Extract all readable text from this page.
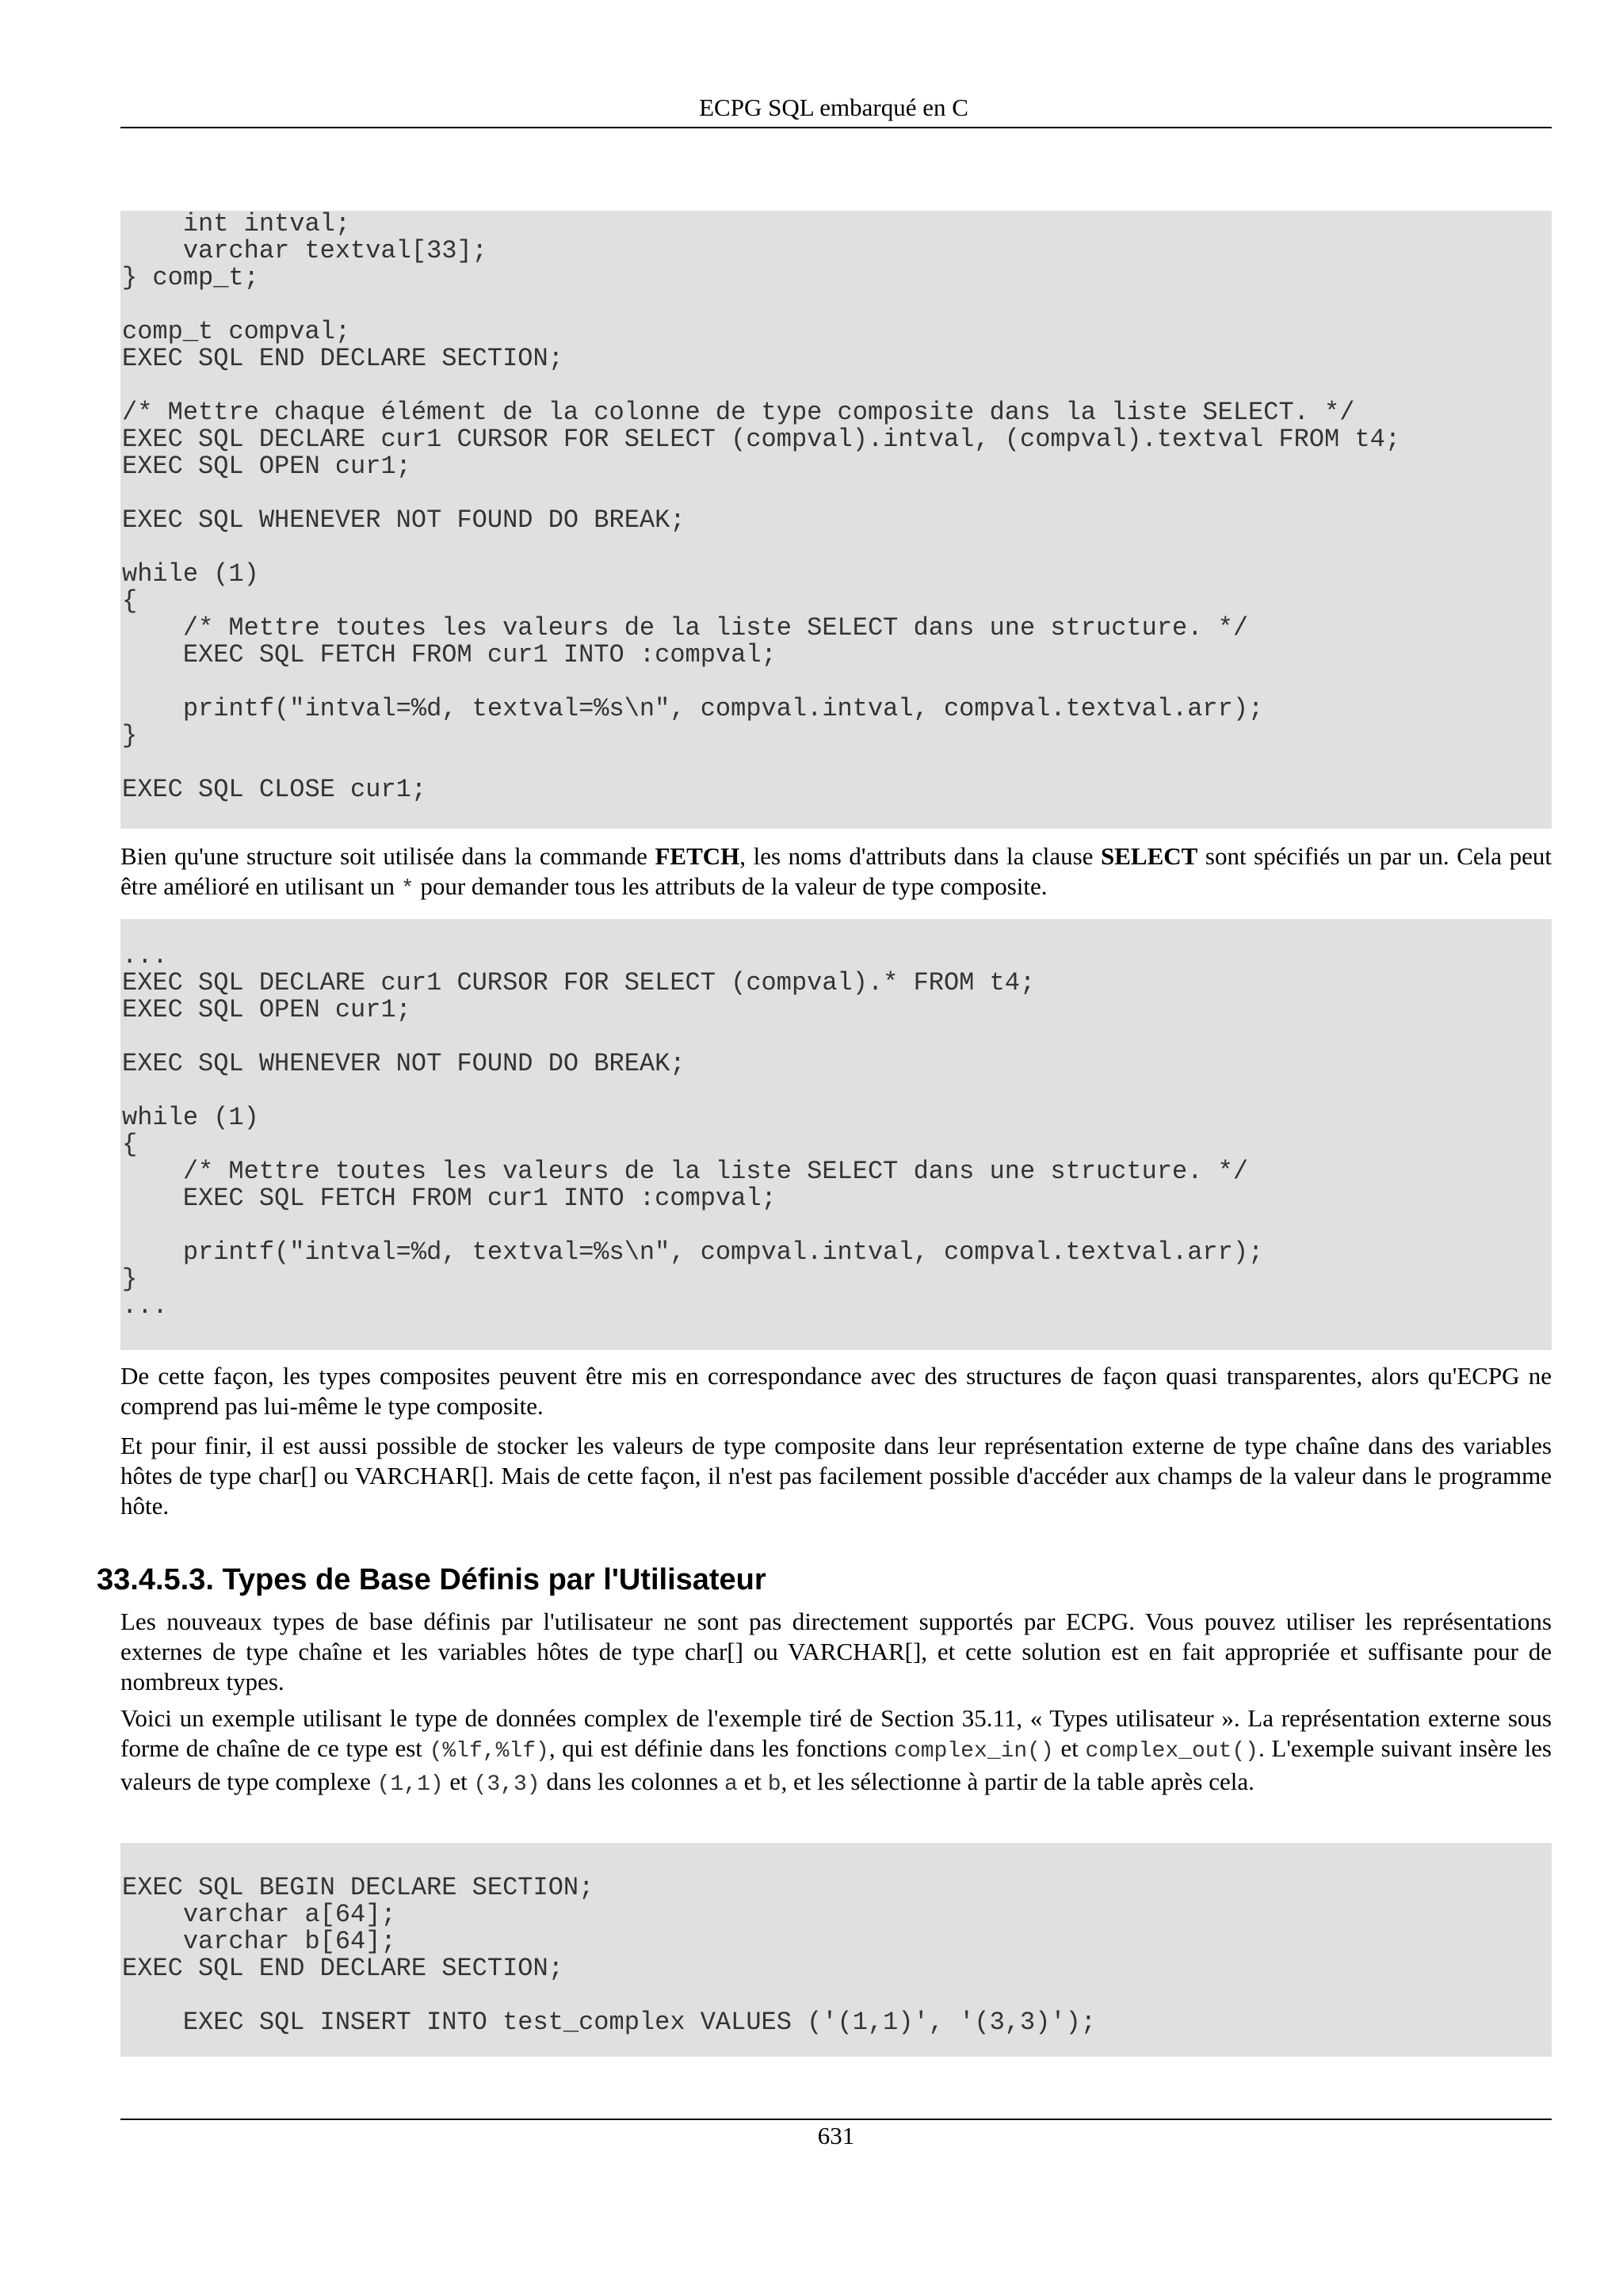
ECPG SQL embarqué en C
int intval;
varchar textval[33];
} comp_t;

comp_t compval;
EXEC SQL END DECLARE SECTION;

/* Mettre chaque élément de la colonne de type composite dans la liste SELECT. */
EXEC SQL DECLARE cur1 CURSOR FOR SELECT (compval).intval, (compval).textval FROM t4;
EXEC SQL OPEN cur1;

EXEC SQL WHENEVER NOT FOUND DO BREAK;

while (1)
{
/* Mettre toutes les valeurs de la liste SELECT dans une structure. */
EXEC SQL FETCH FROM cur1 INTO :compval;

printf("intval=%d, textval=%s\n", compval.intval, compval.textval.arr);
}

EXEC SQL CLOSE cur1;

Bien qu'une structure soit utilisée dans la commande FETCH, les noms d'attributs dans la clause SELECT sont spécifiés un par un. Cela peut être amélioré en utilisant un * pour demander tous les attributs de la valeur de type composite.

...
EXEC SQL DECLARE cur1 CURSOR FOR SELECT (compval).* FROM t4;
EXEC SQL OPEN cur1;

EXEC SQL WHENEVER NOT FOUND DO BREAK;

while (1)
{
/* Mettre toutes les valeurs de la liste SELECT dans une structure. */
EXEC SQL FETCH FROM cur1 INTO :compval;

printf("intval=%d, textval=%s\n", compval.intval, compval.textval.arr);
}
...

De cette façon, les types composites peuvent être mis en correspondance avec des structures de façon quasi transparentes, alors qu'ECPG ne comprend pas lui-même le type composite.

Et pour finir, il est aussi possible de stocker les valeurs de type composite dans leur représentation externe de type chaîne dans des variables hôtes de type char[] ou VARCHAR[]. Mais de cette façon, il n'est pas facilement possible d'accéder aux champs de la valeur dans le programme hôte.

33.4.5.3. Types de Base Définis par l'Utilisateur

Les nouveaux types de base définis par l'utilisateur ne sont pas directement supportés par ECPG. Vous pouvez utiliser les représentations externes de type chaîne et les variables hôtes de type char[] ou VARCHAR[], et cette solution est en fait appropriée et suffisante pour de nombreux types.

Voici un exemple utilisant le type de données complex de l'exemple tiré de Section 35.11, « Types utilisateur ». La représentation externe sous forme de chaîne de ce type est (%lf,%lf), qui est définie dans les fonctions complex_in() et complex_out(). L'exemple suivant insère les valeurs de type complexe (1,1) et (3,3) dans les colonnes a et b, et les sélectionne à partir de la table après cela.

EXEC SQL BEGIN DECLARE SECTION;
varchar a[64];
varchar b[64];
EXEC SQL END DECLARE SECTION;

EXEC SQL INSERT INTO test_complex VALUES ('(1,1)', '(3,3)');
631
